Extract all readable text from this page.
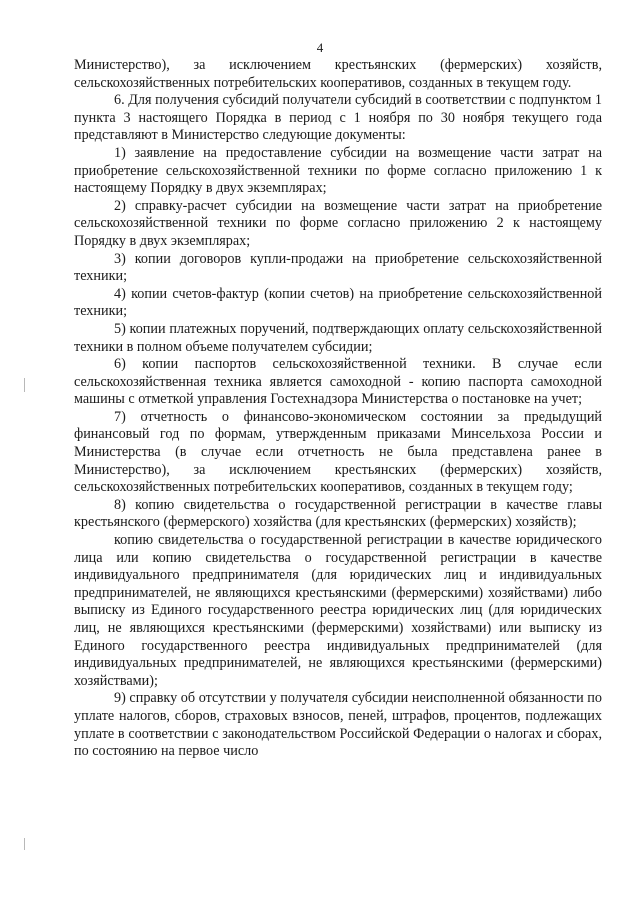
4

Министерство), за исключением крестьянских (фермерских) хозяйств, сельскохозяйственных потребительских кооперативов, созданных в текущем году.

6. Для получения субсидий получатели субсидий в соответствии с подпунктом 1 пункта 3 настоящего Порядка в период с 1 ноября по 30 ноября текущего года представляют в Министерство следующие документы:

1) заявление на предоставление субсидии на возмещение части затрат на приобретение сельскохозяйственной техники по форме согласно приложению 1 к настоящему Порядку в двух экземплярах;

2) справку-расчет субсидии на возмещение части затрат на приобретение сельскохозяйственной техники по форме согласно приложению 2 к настоящему Порядку в двух экземплярах;

3) копии договоров купли-продажи на приобретение сельскохозяйственной техники;

4) копии счетов-фактур (копии счетов) на приобретение сельскохозяйственной техники;

5) копии платежных поручений, подтверждающих оплату сельскохозяйственной техники в полном объеме получателем субсидии;

6) копии паспортов сельскохозяйственной техники. В случае если сельскохозяйственная техника является самоходной - копию паспорта самоходной машины с отметкой управления Гостехнадзора Министерства о постановке на учет;

7) отчетность о финансово-экономическом состоянии за предыдущий финансовый год по формам, утвержденным приказами Минсельхоза России и Министерства (в случае если отчетность не была представлена ранее в Министерство), за исключением крестьянских (фермерских) хозяйств, сельскохозяйственных потребительских кооперативов, созданных в текущем году;

8) копию свидетельства о государственной регистрации в качестве главы крестьянского (фермерского) хозяйства (для крестьянских (фермерских) хозяйств);

копию свидетельства о государственной регистрации в качестве юридического лица или копию свидетельства о государственной регистрации в качестве индивидуального предпринимателя (для юридических лиц и индивидуальных предпринимателей, не являющихся крестьянскими (фермерскими) хозяйствами) либо выписку из Единого государственного реестра юридических лиц (для юридических лиц, не являющихся крестьянскими (фермерскими) хозяйствами) или выписку из Единого государственного реестра индивидуальных предпринимателей (для индивидуальных предпринимателей, не являющихся крестьянскими (фермерскими) хозяйствами);

9) справку об отсутствии у получателя субсидии неисполненной обязанности по уплате налогов, сборов, страховых взносов, пеней, штрафов, процентов, подлежащих уплате в соответствии с законодательством Российской Федерации о налогах и сборах, по состоянию на первое число
